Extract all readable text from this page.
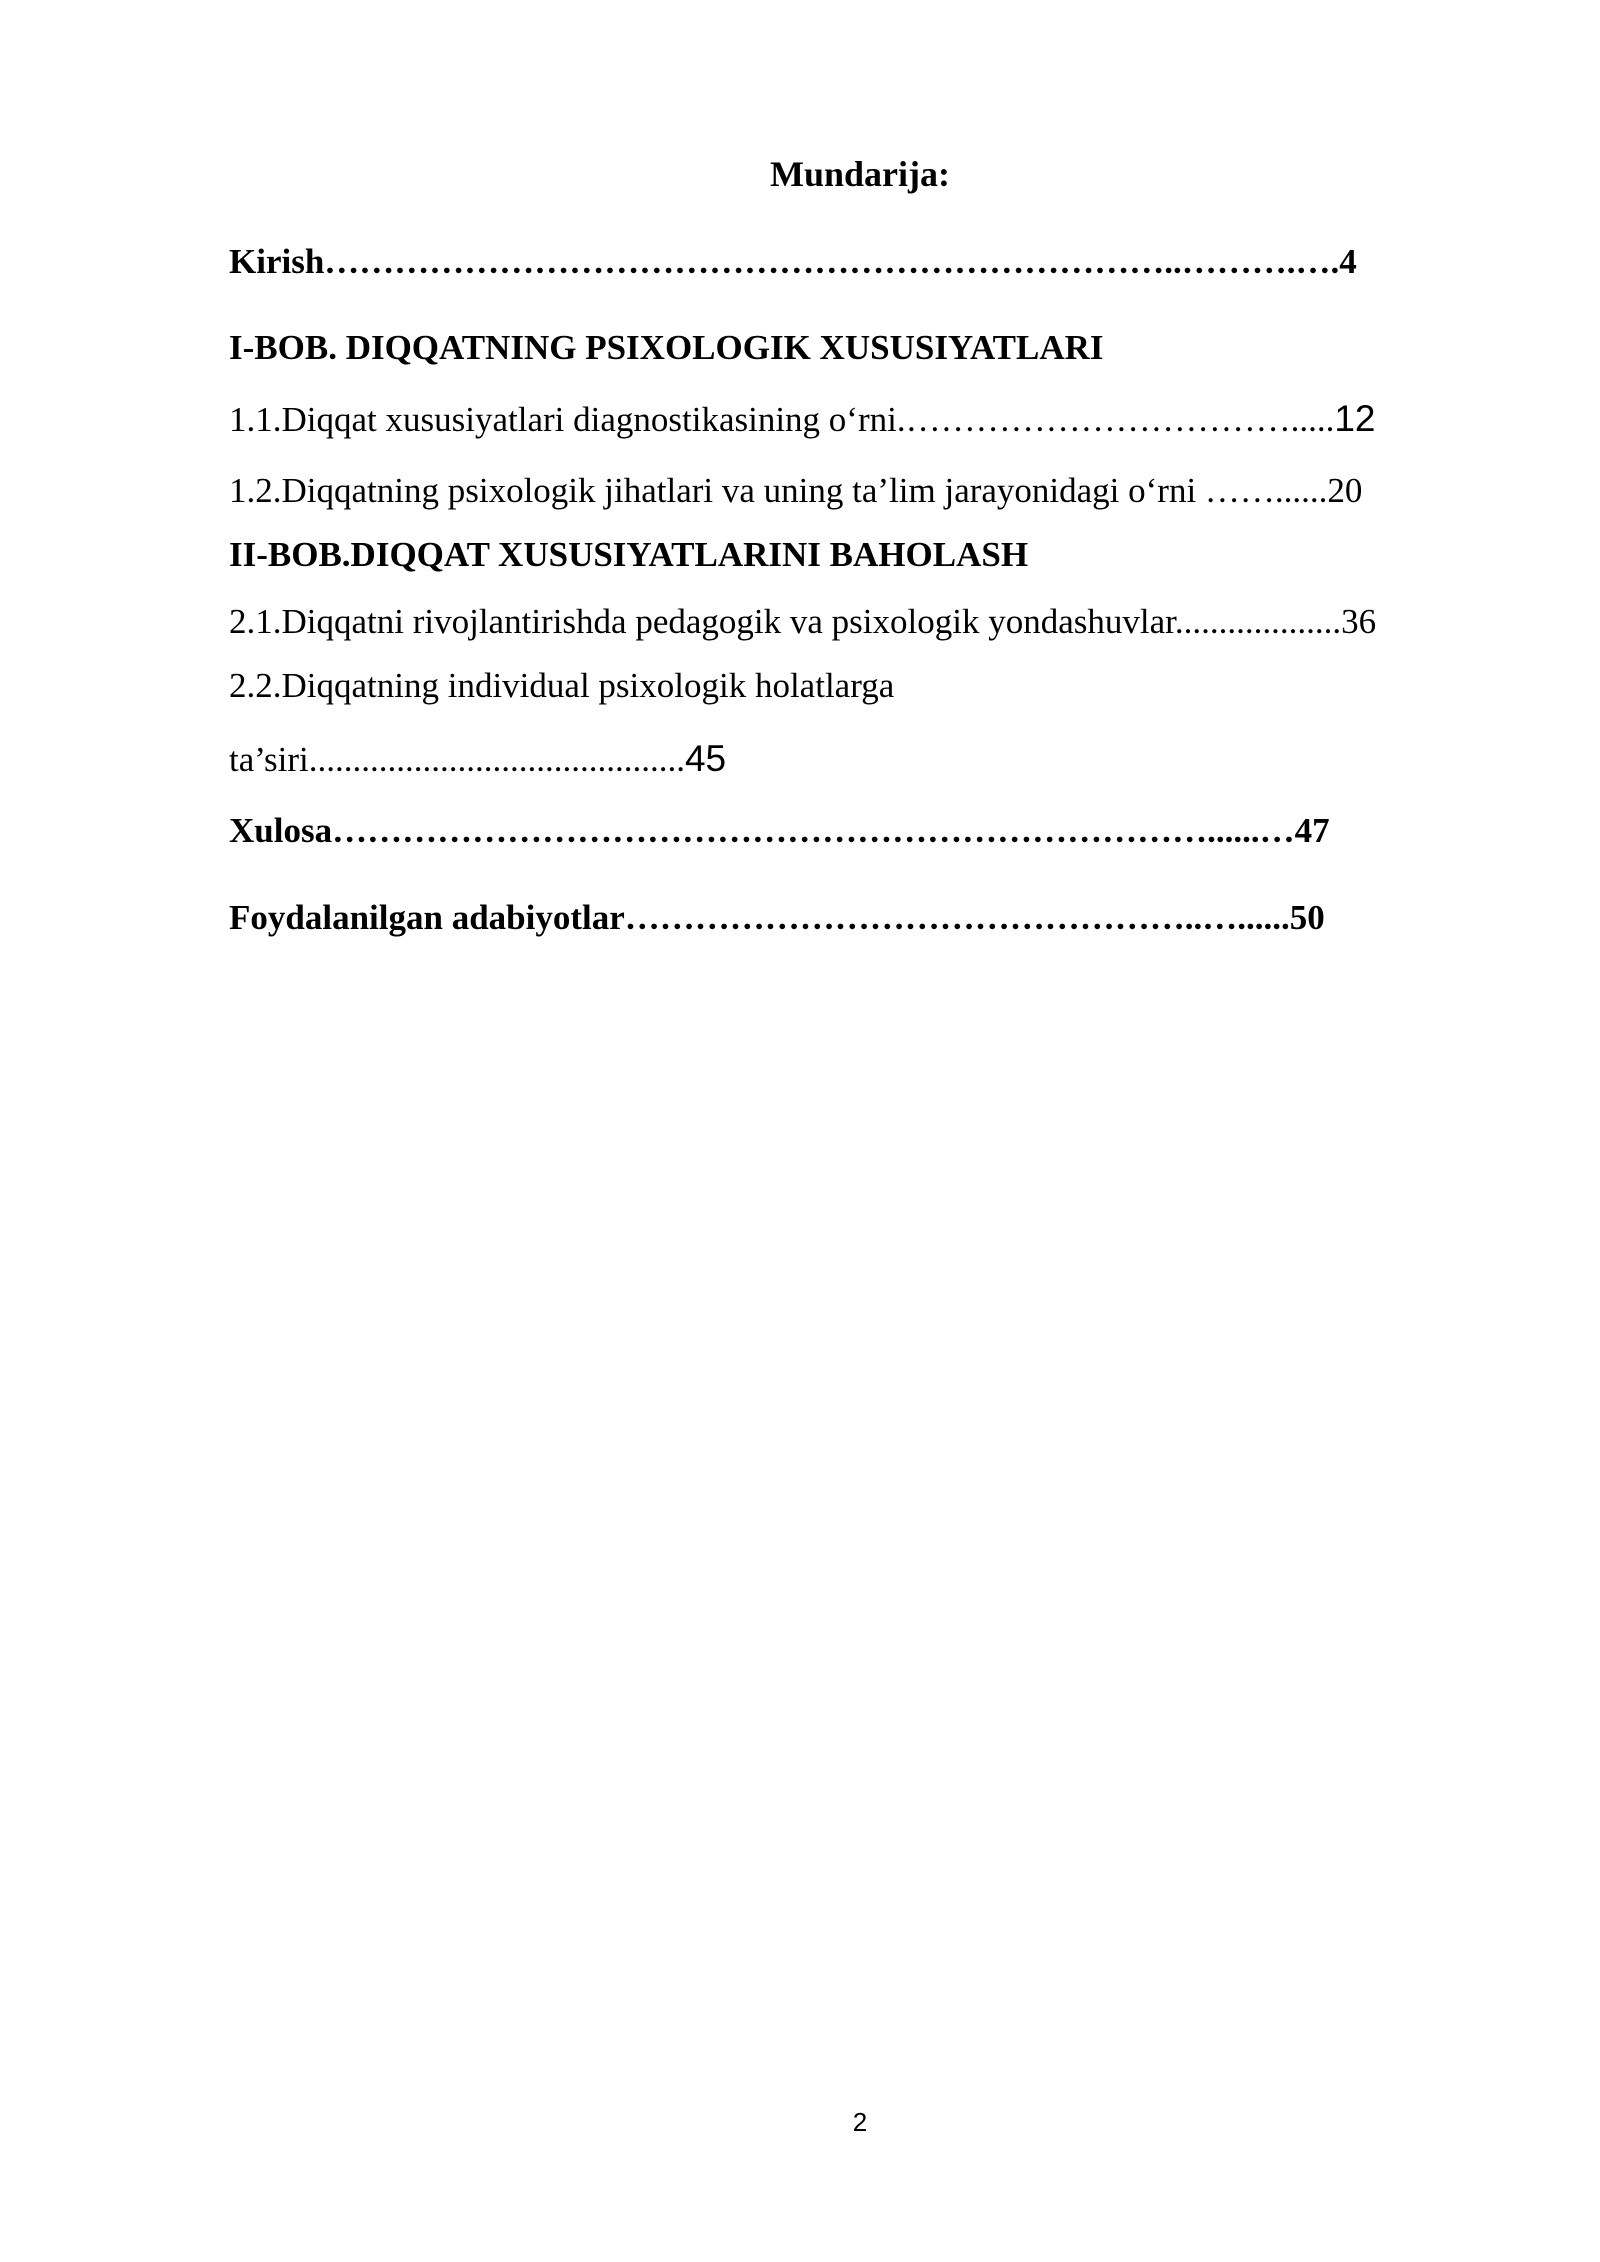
Mundarija:
Kirish………………………………………………………………..……….….4
I-BOB. DIQQATNING PSIXOLOGIK XUSUSIYATLARI
1.1.Diqqat xususiyatlari diagnostikasining o‘rni.…………………………….....12
1.2.Diqqatning psixologik jihatlari va uning ta’lim jarayonidagi o‘rni ……......20
II-BOB.DIQQAT XUSUSIYATLARINI BAHOLASH
2.1.Diqqatni rivojlantirishda pedagogik va psixologik yondashuvlar...................36
2.2.Diqqatning individual psixologik holatlarga
ta’siri...........................................45
Xulosa…………………………………………………………………......…47
Foydalanilgan adabiyotlar…………………………………………..…......50
2
